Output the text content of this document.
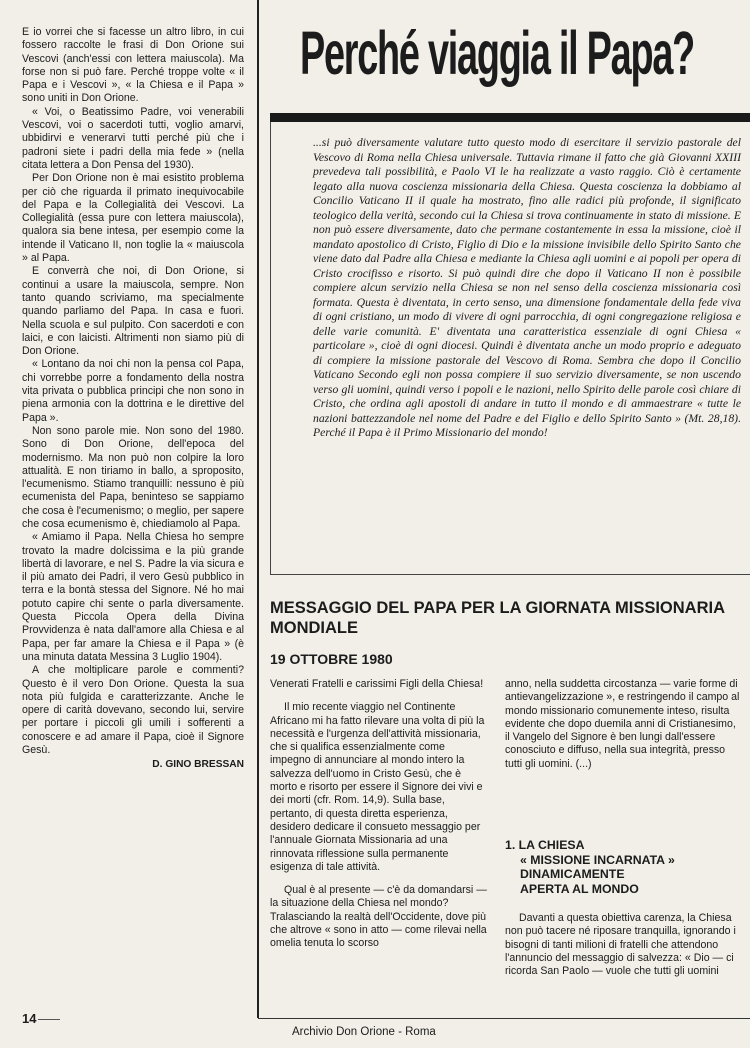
E io vorrei che si facesse un altro libro, in cui fossero raccolte le frasi di Don Orione sui Vescovi (anch'essi con lettera maiuscola). Ma forse non si può fare. Perché troppe volte « il Papa e i Vescovi », « la Chiesa e il Papa » sono uniti in Don Orione.

« Voi, o Beatissimo Padre, voi venerabili Vescovi, voi o sacerdoti tutti, voglio amarvi, ubbidirvi e venerarvi tutti perché più che i padroni siete i padri della mia fede » (nella citata lettera a Don Pensa del 1930).

Per Don Orione non è mai esistito problema per ciò che riguarda il primato inequivocabile del Papa e la Collegialità dei Vescovi. La Collegialità (essa pure con lettera maiuscola), qualora sia bene intesa, per esempio come la intende il Vaticano II, non toglie la « maiuscola » al Papa.

E converrà che noi, di Don Orione, si continui a usare la maiuscola, sempre. Non tanto quando scriviamo, ma specialmente quando parliamo del Papa. In casa e fuori. Nella scuola e sul pulpito. Con sacerdoti e con laici, e con laicisti. Altrimenti non siamo più di Don Orione.

« Lontano da noi chi non la pensa col Papa, chi vorrebbe porre a fondamento della nostra vita privata o pubblica principi che non sono in piena armonia con la dottrina e le direttive del Papa ».

Non sono parole mie. Non sono del 1980. Sono di Don Orione, dell'epoca del modernismo. Ma non può non colpire la loro attualità. E non tiriamo in ballo, a sproposito, l'ecumenismo. Stiamo tranquilli: nessuno è più ecumenista del Papa, beninteso se sappiamo che cosa è l'ecumenismo; o meglio, per sapere che cosa ecumenismo è, chiediamolo al Papa.

« Amiamo il Papa. Nella Chiesa ho sempre trovato la madre dolcissima e la più grande libertà di lavorare, e nel S. Padre la via sicura e il più amato dei Padri, il vero Gesù pubblico in terra e la bontà stessa del Signore. Né ho mai potuto capire chi sente o parla diversamente. Questa Piccola Opera della Divina Provvidenza è nata dall'amore alla Chiesa e al Papa, per far amare la Chiesa e il Papa » (è una minuta datata Messina 3 Luglio 1904).

A che moltiplicare parole e commenti? Questo è il vero Don Orione. Questa la sua nota più fulgida e caratterizzante. Anche le opere di carità dovevano, secondo lui, servire per portare i piccoli gli umili i sofferenti a conoscere e ad amare il Papa, cioè il Signore Gesù.

D. GINO BRESSAN

Perché viaggia il Papa?

...si può diversamente valutare tutto questo modo di esercitare il servizio pastorale del Vescovo di Roma nella Chiesa universale. Tuttavia rimane il fatto che già Giovanni XXIII prevedeva tali possibilità, e Paolo VI le ha realizzate a vasto raggio. Ciò è certamente legato alla nuova coscienza missionaria della Chiesa. Questa coscienza la dobbiamo al Concilio Vaticano II il quale ha mostrato, fino alle radici più profonde, il significato teologico della verità, secondo cui la Chiesa si trova continuamente in stato di missione. E non può essere diversamente, dato che permane costantemente in essa la missione, cioè il mandato apostolico di Cristo, Figlio di Dio e la missione invisibile dello Spirito Santo che viene dato dal Padre alla Chiesa e mediante la Chiesa agli uomini e ai popoli per opera di Cristo crocifisso e risorto. Si può quindi dire che dopo il Vaticano II non è possibile compiere alcun servizio nella Chiesa se non nel senso della coscienza missionaria così formata. Questa è diventata, in certo senso, una dimensione fondamentale della fede viva di ogni cristiano, un modo di vivere di ogni parrocchia, di ogni congregazione religiosa e delle varie comunità. E' diventata una caratteristica essenziale di ogni Chiesa « particolare », cioè di ogni diocesi. Quindi è diventata anche un modo proprio e adeguato di compiere la missione pastorale del Vescovo di Roma. Sembra che dopo il Concilio Vaticano Secondo egli non possa compiere il suo servizio diversamente, se non uscendo verso gli uomini, quindi verso i popoli e le nazioni, nello Spirito delle parole così chiare di Cristo, che ordina agli apostoli di andare in tutto il mondo e di ammaestrare « tutte le nazioni battezzandole nel nome del Padre e del Figlio e dello Spirito Santo » (Mt. 28,18). Perché il Papa è il Primo Missionario del mondo!

MESSAGGIO DEL PAPA PER LA GIORNATA MISSIONARIA MONDIALE
19 OTTOBRE 1980

Venerati Fratelli e carissimi Figli della Chiesa!

Il mio recente viaggio nel Continente Africano mi ha fatto rilevare una volta di più la necessità e l'urgenza dell'attività missionaria, che si qualifica essenzialmente come impegno di annunciare al mondo intero la salvezza dell'uomo in Cristo Gesù, che è morto e risorto per essere il Signore dei vivi e dei morti (cfr. Rom. 14,9). Sulla base, pertanto, di questa diretta esperienza, desidero dedicare il consueto messaggio per l'annuale Giornata Missionaria ad una rinnovata riflessione sulla permanente esigenza di tale attività.

Qual è al presente — c'è da domandarsi — la situazione della Chiesa nel mondo? Tralasciando la realtà dell'Occidente, dove più che altrove « sono in atto — come rilevai nella omelia tenuta lo scorso

anno, nella suddetta circostanza — varie forme di antievangelizzazione », e restringendo il campo al mondo missionario comunemente inteso, risulta evidente che dopo duemila anni di Cristianesimo, il Vangelo del Signore è ben lungi dall'essere conosciuto e diffuso, nella sua integrità, presso tutti gli uomini. (...)

1. LA CHIESA
« MISSIONE INCARNATA »
DINAMICAMENTE
APERTA AL MONDO

Davanti a questa obiettiva carenza, la Chiesa non può tacere né riposare tranquilla, ignorando i bisogni di tanti milioni di fratelli che attendono l'annuncio del messaggio di salvezza: « Dio — ci ricorda San Paolo — vuole che tutti gli uomini

14
Archivio Don Orione - Roma
